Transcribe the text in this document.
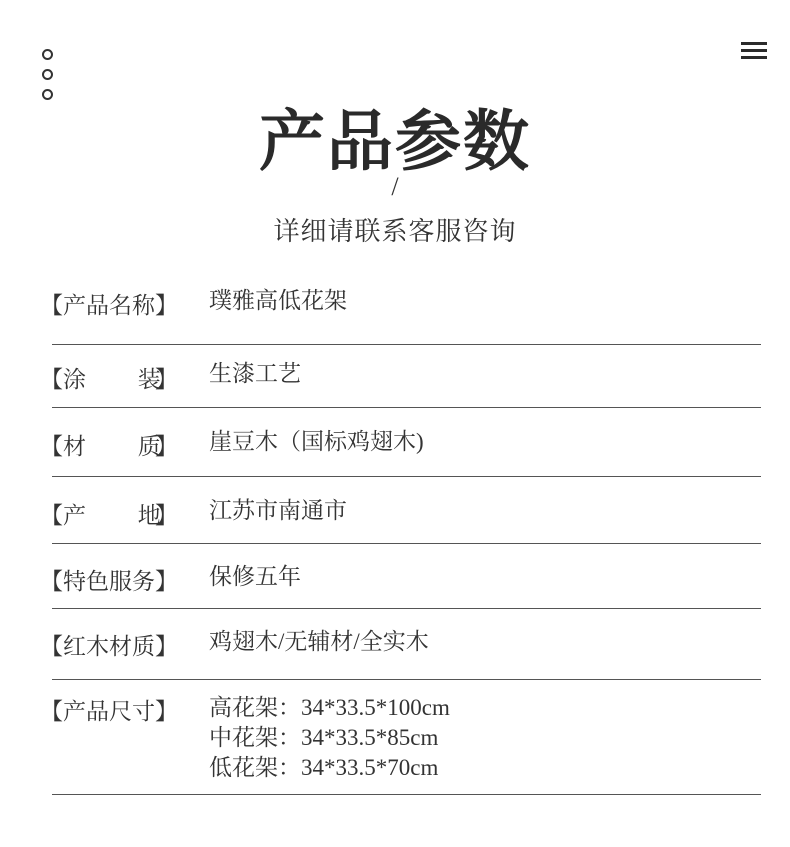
产品参数
/
详细请联系客服咨询
【产品名称】 璞雅高低花架
【涂 装】 生漆工艺
【材 质】 崖豆木（国标鸡翅木)
【产 地】 江苏市南通市
【特色服务】 保修五年
【红木材质】 鸡翅木/无辅材/全实木
【产品尺寸】 高花架：34*33.5*100cm
中花架：34*33.5*85cm
低花架：34*33.5*70cm
